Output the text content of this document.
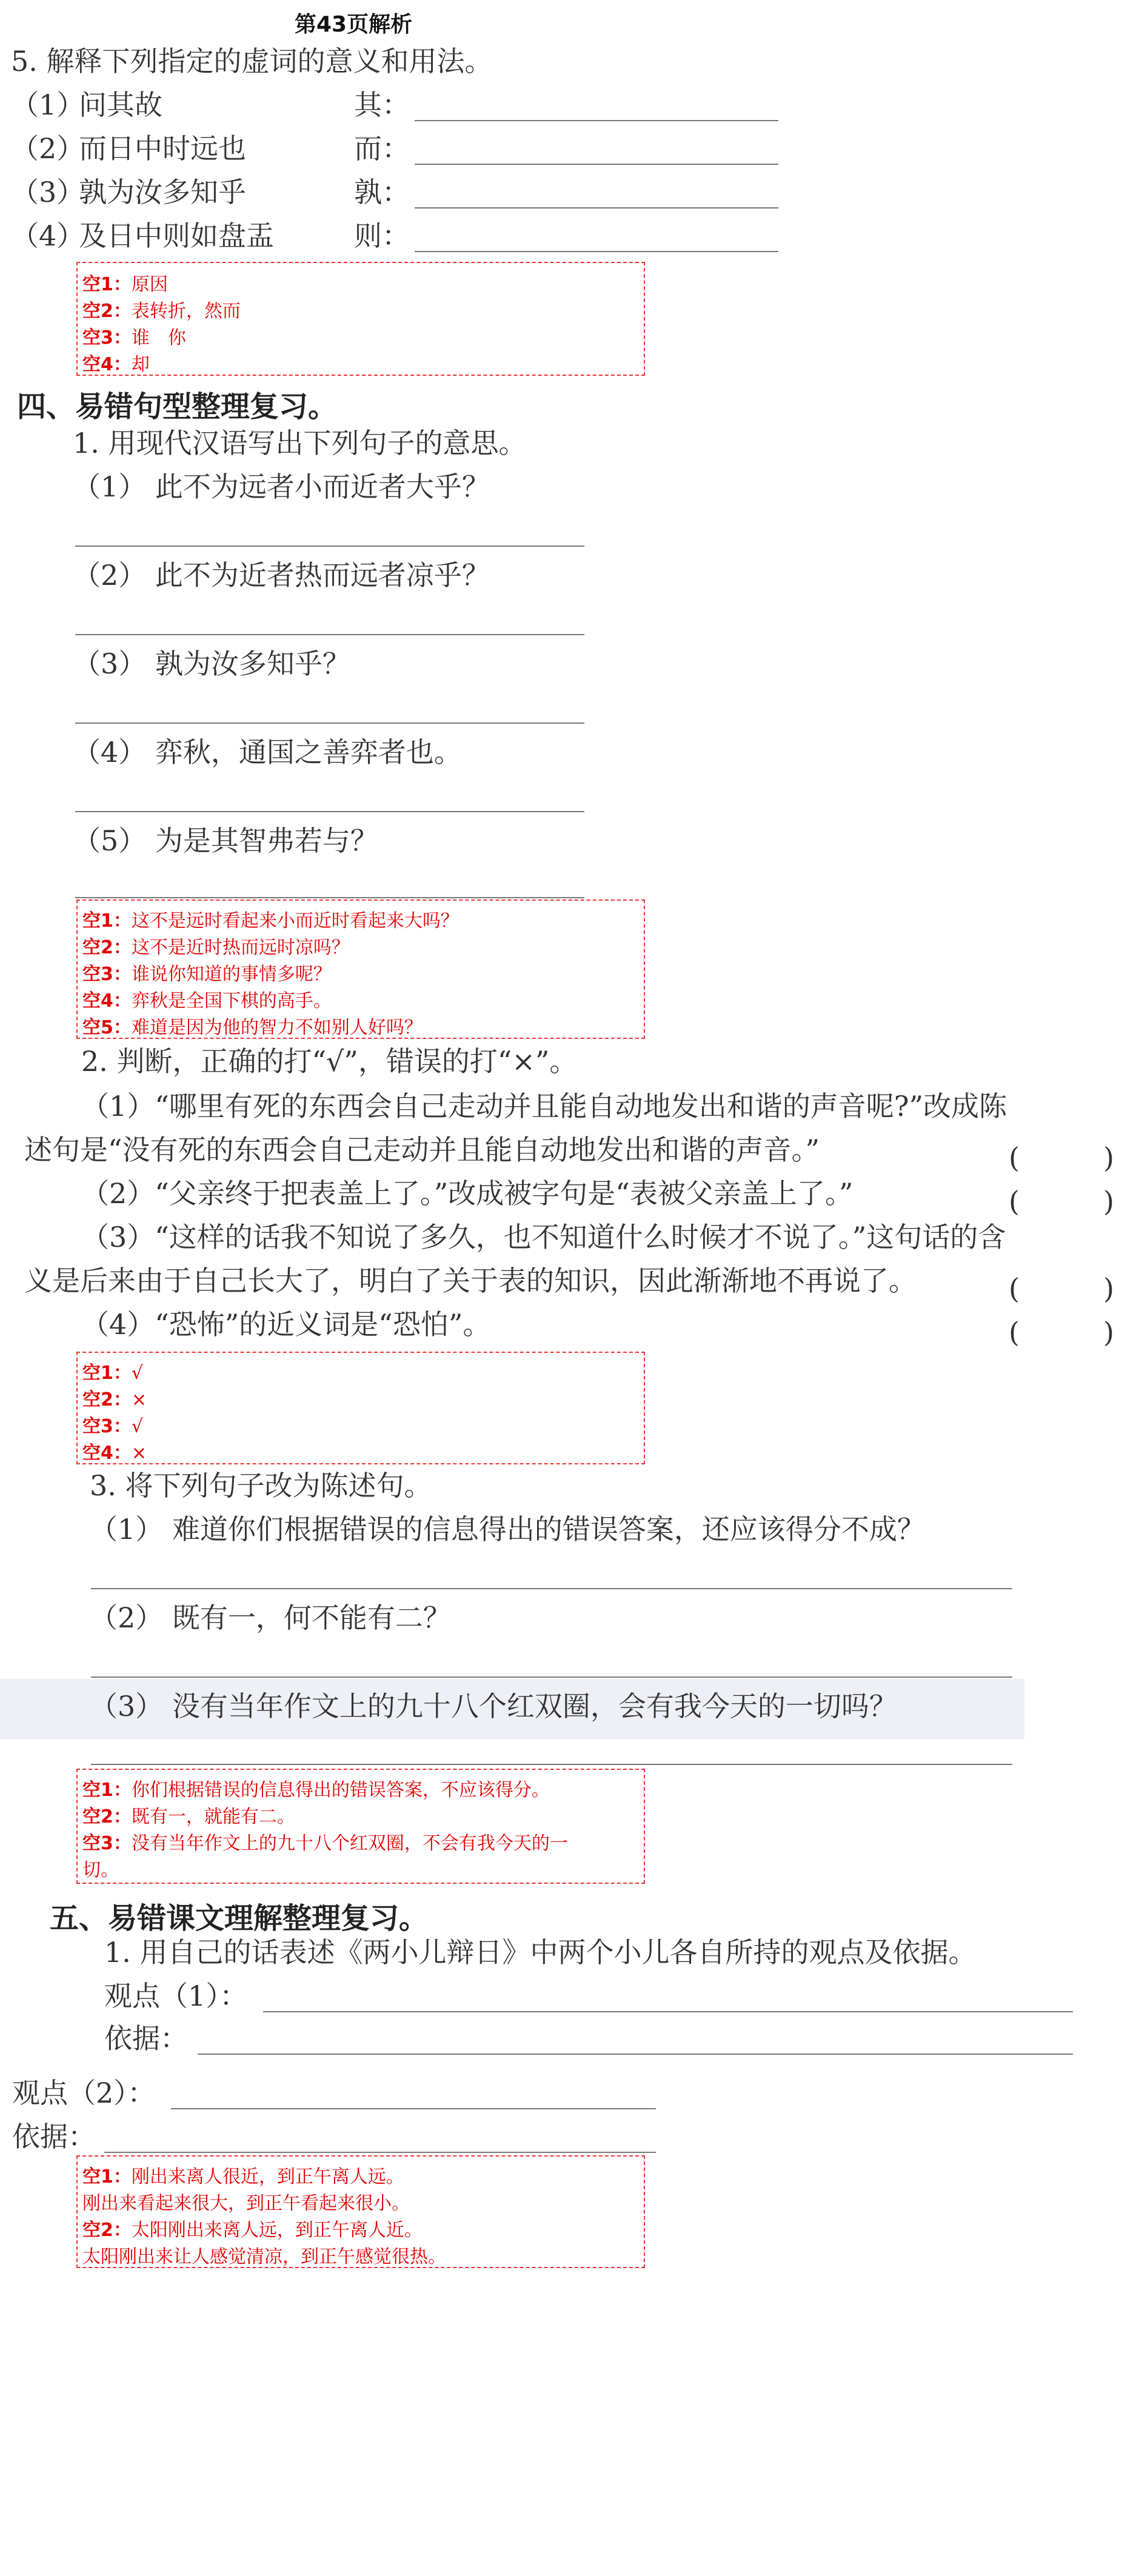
第43页解析
5. 解释下列指定的虚词的意义和用法。
（1）
问其故	其：
（2）
而日中时远也	而：
（3）
孰为汝多知乎	孰：
（4）
及日中则如盘盂	则：
空1：原因
空2：表转折，然而
空3：谁　你
空4：却
四、易错句型整理复习。
1. 用现代汉语写出下列句子的意思。
（1） 此不为远者小而近者大乎？
（2） 此不为近者热而远者凉乎？
（3） 孰为汝多知乎？
（4） 弈秋，通国之善弈者也。
（5） 为是其智弗若与？
空1：这不是远时看起来小而近时看起来大吗？
空2：这不是近时热而远时凉吗？
空3：谁说你知道的事情多呢？
空4：弈秋是全国下棋的高手。
空5：难道是因为他的智力不如别人好吗？
2. 判断，正确的打“√”，错误的打“×”。
（1）“哪里有死的东西会自己走动并且能自动地发出和谐的声音呢?”改成陈
述句是“没有死的东西会自己走动并且能自动地发出和谐的声音。”	(　　　)
（2）“父亲终于把表盖上了。”改成被字句是“表被父亲盖上了。”	(　　　)
（3）“这样的话我不知说了多久，也不知道什么时候才不说了。”这句话的含
义是后来由于自己长大了，明白了关于表的知识，因此渐渐地不再说了。	(　　　)
（4）“恐怖”的近义词是“恐怕”。	(　　　)
空1：√
空2：×
空3：√
空4：×
3. 将下列句子改为陈述句。
（1） 难道你们根据错误的信息得出的错误答案，还应该得分不成？
（2） 既有一，何不能有二？
（3） 没有当年作文上的九十八个红双圈，会有我今天的一切吗？
空1：你们根据错误的信息得出的错误答案，不应该得分。
空2：既有一，就能有二。
空3：没有当年作文上的九十八个红双圈，不会有我今天的一
切。
五、易错课文理解整理复习。
1. 用自己的话表述《两小儿辩日》中两个小儿各自所持的观点及依据。
观点（1）：
依据：
观点（2）：
依据：
空1：刚出来离人很近，到正午离人远。
刚出来看起来很大，到正午看起来很小。
空2：太阳刚出来离人远，到正午离人近。
太阳刚出来让人感觉清凉，到正午感觉很热。
